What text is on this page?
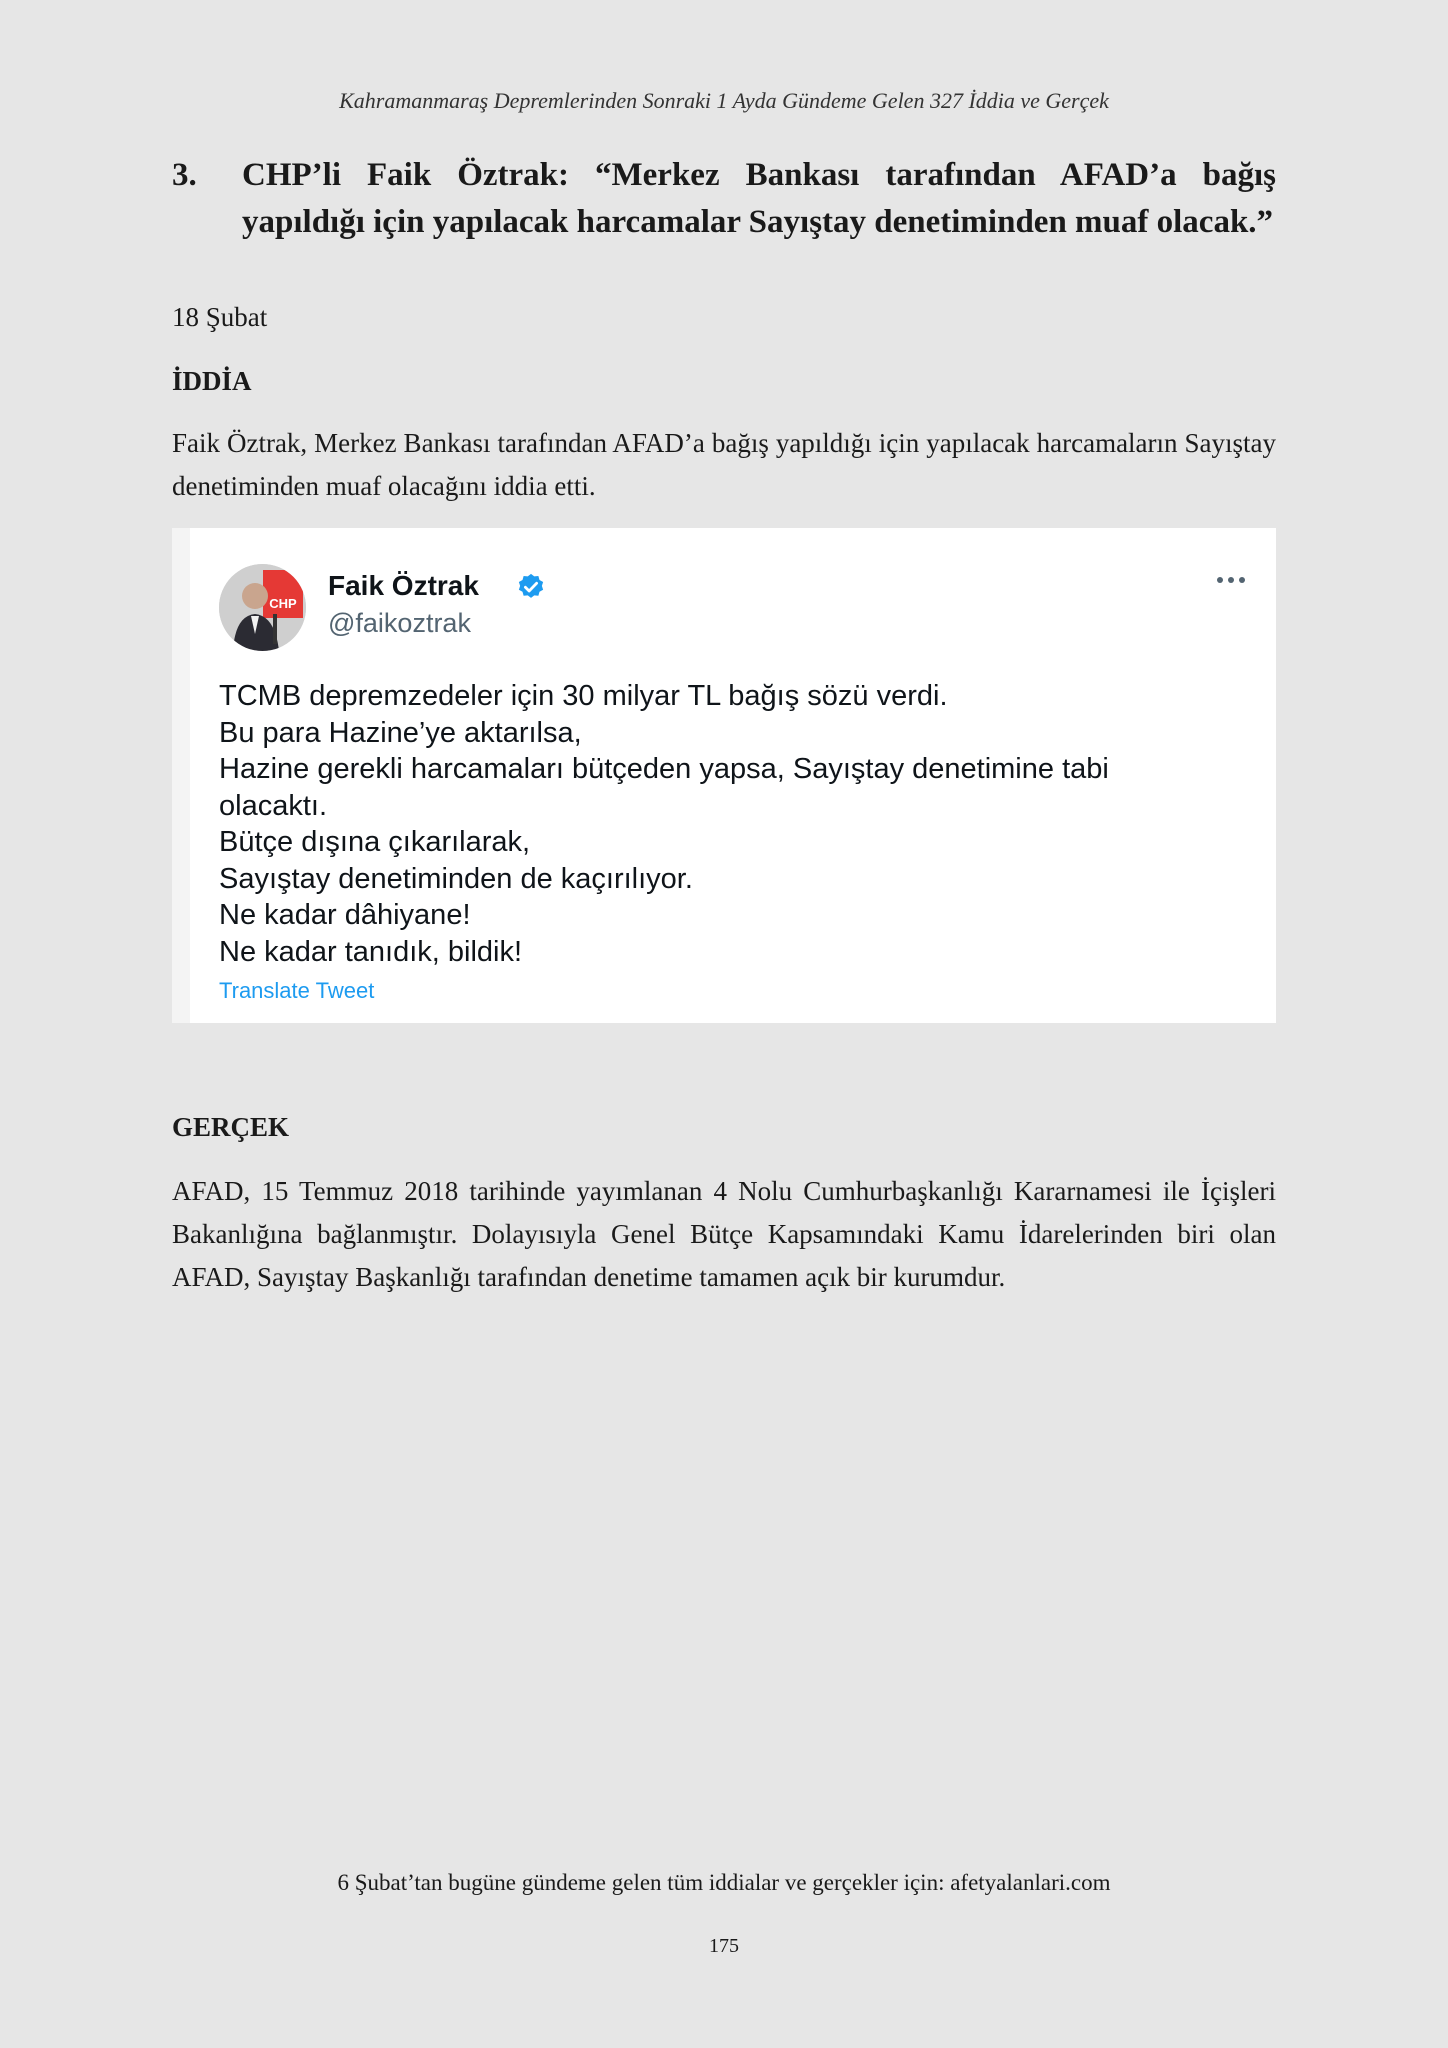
Kahramanmaraş Depremlerinden Sonraki 1 Ayda Gündeme Gelen 327 İddia ve Gerçek
3. CHP’li Faik Öztrak: “Merkez Bankası tarafından AFAD’a bağış yapıldığı için yapılacak harcamalar Sayıştay denetiminden muaf olacak.”
18 Şubat
İDDİA
Faik Öztrak, Merkez Bankası tarafından AFAD’a bağış yapıldığı için yapılacak harcamaların Sayıştay denetiminden muaf olacağını iddia etti.
CHP
Faik Öztrak
@faikoztrak
TCMB depremzedeler için 30 milyar TL bağış sözü verdi.
Bu para Hazine’ye aktarılsa,
Hazine gerekli harcamaları bütçeden yapsa, Sayıştay denetimine tabi
olacaktı.
Bütçe dışına çıkarılarak,
Sayıştay denetiminden de kaçırılıyor.
Ne kadar dâhiyane!
Ne kadar tanıdık, bildik!
Translate Tweet
GERÇEK
AFAD, 15 Temmuz 2018 tarihinde yayımlanan 4 Nolu Cumhurbaşkanlığı Kararnamesi ile İçişleri Bakanlığına bağlanmıştır. Dolayısıyla Genel Bütçe Kapsamındaki Kamu İdarelerinden biri olan AFAD, Sayıştay Başkanlığı tarafından denetime tamamen açık bir kurumdur.
6 Şubat’tan bugüne gündeme gelen tüm iddialar ve gerçekler için: afetyalanlari.com
175
